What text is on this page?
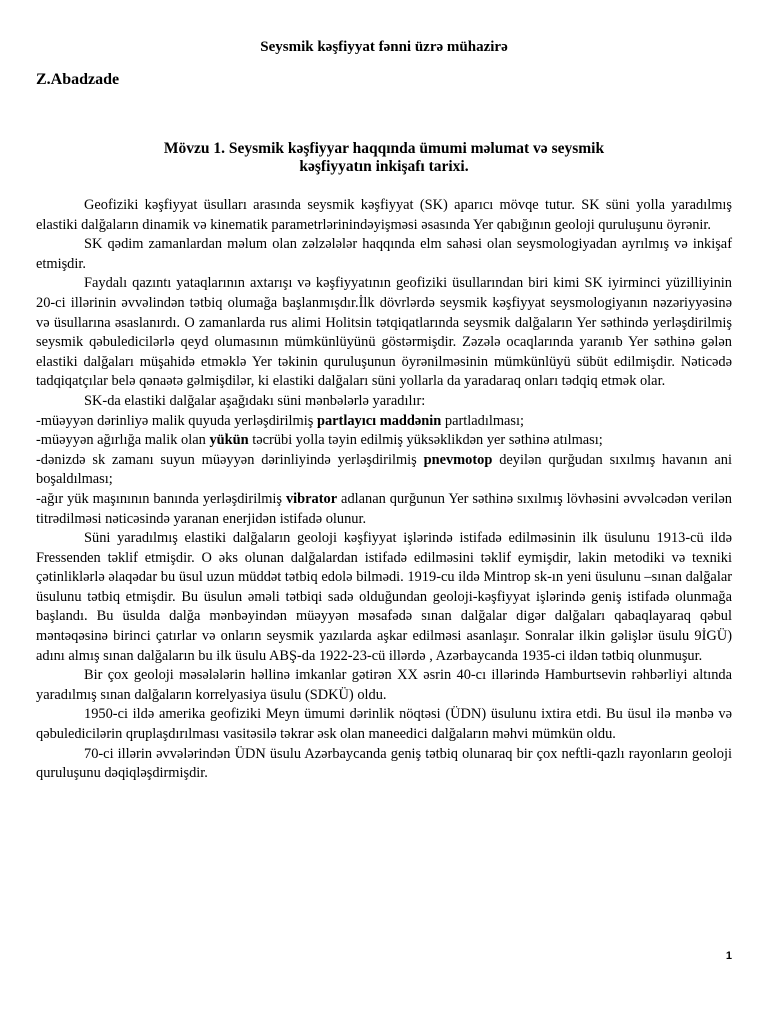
Seysmik kəşfiyyat fənni üzrə mühazirə
Z.Abadzade
Mövzu 1. Seysmik kəşfiyyar haqqında ümumi məlumat və seysmik
kəşfiyyatın inkişafı tarixi.

Geofiziki kəşfiyyat üsulları arasında seysmik kəşfiyyat (SK) aparıcı mövqe tutur. SK süni yolla yaradılmış elastiki dalğaların dinamik və kinematik parametrlərinindəyişməsi əsasında Yer qabığının geoloji quruluşunu öyrənir.

SK qədim zamanlardan məlum olan zəlzələlər haqqında elm sahəsi olan seysmologiyadan ayrılmış və inkişaf etmişdir.

Faydalı qazıntı yataqlarının axtarışı və kəşfiyyatının geofiziki üsullarından biri kimi SK iyirminci yüzilliyinin 20-ci illərinin əvvəlindən tətbiq olumağa başlanmışdır.İlk dövrlərdə seysmik kəşfiyyat seysmologiyanın nəzəriyyəsinə və üsullarına əsaslanırdı. O zamanlarda rus alimi Holitsin tətqiqatlarında seysmik dalğaların Yer səthində yerləşdirilmiş seysmik qəbuledicilərlə qeyd olumasının mümkünlüyünü göstərmişdir. Zəzələ ocaqlarında yaranıb Yer səthinə gələn elastiki dalğaları müşahidə etməklə Yer təkinin quruluşunun öyrənilməsinin mümkünlüyü sübüt edilmişdir. Nəticədə tadqiqatçılar belə qənaətə gəlmişdilər, ki elastiki dalğaları süni yollarla da yaradaraq onları tədqiq etmək olar.

SK-da elastiki dalğalar aşağıdakı süni mənbələrlə yaradılır:

-müəyyən dərinliyə malik quyuda yerləşdirilmiş partlayıcı maddənin partladılması;

-müəyyən ağırlığa malik olan yükün təcrübi yolla təyin edilmiş yüksəklikdən yer səthinə atılması;

-dənizdə sk zamanı suyun müəyyən dərinliyində yerləşdirilmiş pnevmotop deyilən qurğudan sıxılmış havanın ani boşaldılması;

-ağır yük maşınının banında yerləşdirilmiş vibrator adlanan qurğunun Yer səthinə sıxılmış lövhəsini əvvəlcədən verilən titrədilməsi nəticəsində yaranan enerjidən istifadə olunur.

Süni yaradılmış elastiki dalğaların geoloji kəşfiyyat işlərində istifadə edilməsinin ilk üsulunu 1913-cü ildə Fressenden təklif etmişdir. O əks olunan dalğalardan istifadə edilməsini təklif eymişdir, lakin metodiki və texniki çətinliklərlə əlaqədar bu üsul uzun müddət tətbiq edolə bilmədi. 1919-cu ildə Mintrop sk-ın yeni üsulunu –sınan dalğalar üsulunu tətbiq etmişdir. Bu üsulun əməli tətbiqi sadə olduğundan geoloji-kəşfiyyat işlərində geniş istifadə olunmağa başlandı. Bu üsulda dalğa mənbəyindən müəyyən məsafədə sınan dalğalar digər dalğaları qabaqlayaraq qəbul məntəqəsinə birinci çatırlar və onların seysmik yazılarda aşkar edilməsi asanlaşır. Sonralar ilkin gəlişlər üsulu 9İGÜ) adını almış sınan dalğaların bu ilk üsulu ABŞ-da 1922-23-cü illərdə , Azərbaycanda 1935-ci ildən tətbiq olunmuşur.

Bir çox geoloji məsələlərin həllinə imkanlar gətirən XX əsrin 40-cı illərində Hamburtsevin rəhbərliyi altında yaradılmış sınan dalğaların korrelyasiya üsulu (SDKÜ) oldu.

1950-ci ildə amerika geofiziki Meyn ümumi dərinlik nöqtəsi (ÜDN) üsulunu ixtira etdi. Bu üsul ilə mənbə və qəbuledicilərin qruplaşdırılması vasitəsilə təkrar əsk olan maneedici dalğaların məhvi mümkün oldu.

70-ci illərin əvvələrindən ÜDN üsulu Azərbaycanda geniş tətbiq olunaraq bir çox neftli-qazlı rayonların geoloji quruluşunu dəqiqləşdirmişdir.

1
